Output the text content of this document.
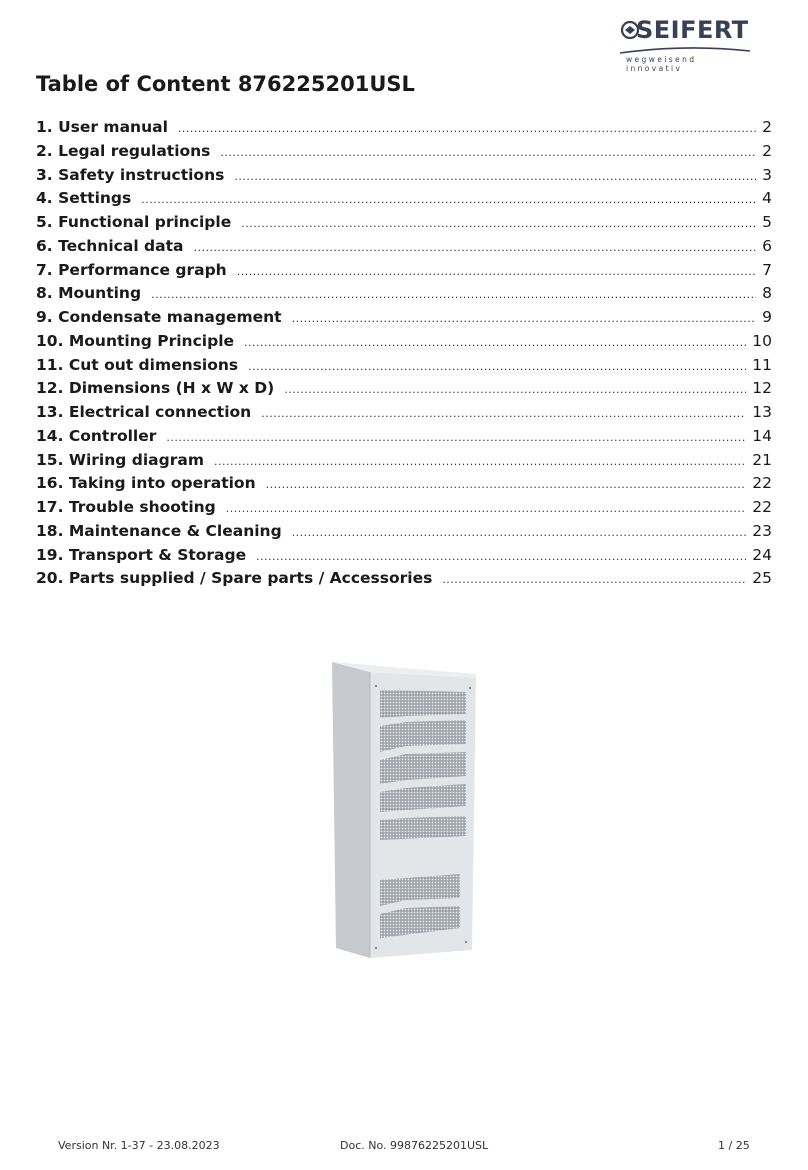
SEIFERT
wegweisend innovativ
Table of Content 876225201USL
1. User manual .....	2
2. Legal regulations .....	2
3. Safety instructions .....	3
4. Settings .....	4
5. Functional principle .....	5
6. Technical data .....	6
7. Performance graph .....	7
8. Mounting .....	8
9. Condensate management .....	9
10. Mounting Principle .....	10
11. Cut out dimensions .....	11
12. Dimensions (H x W x D) .....	12
13. Electrical connection .....	13
14. Controller .....	14
15. Wiring diagram .....	21
16. Taking into operation .....	22
17. Trouble shooting .....	22
18. Maintenance & Cleaning .....	23
19. Transport & Storage .....	24
20. Parts supplied / Spare parts / Accessories .....	25
Version Nr. 1-37 - 23.08.2023	Doc. No. 99876225201USL	1 / 25
